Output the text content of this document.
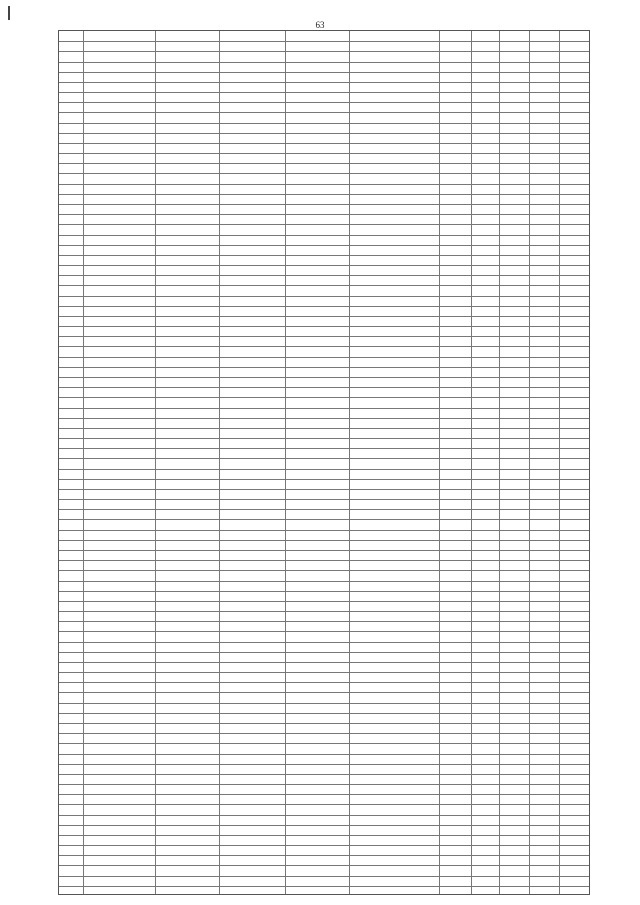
63
